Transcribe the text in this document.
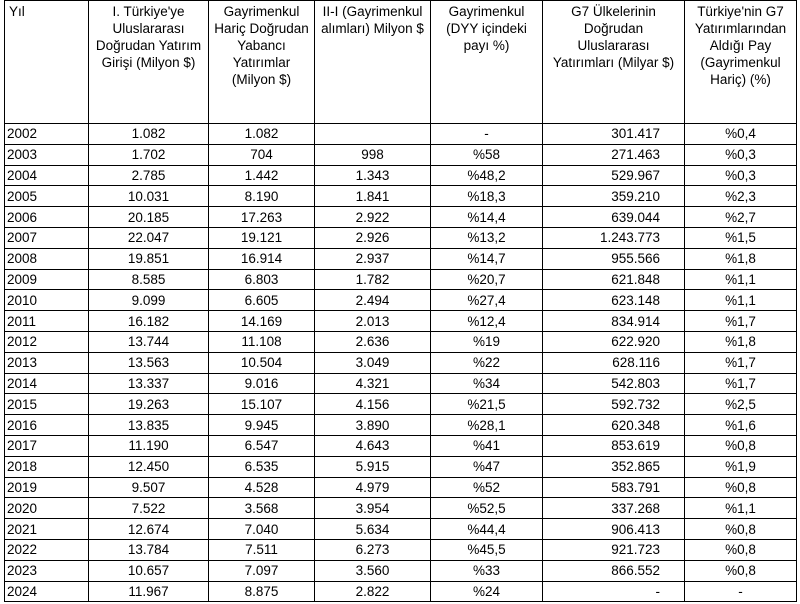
Yıl	I. Türkiye'ye Uluslararası Doğrudan Yatırım Girişi (Milyon $)	Gayrimenkul Hariç Doğrudan Yabancı Yatırımlar (Milyon $)	II-I (Gayrimenkul alımları) Milyon $	Gayrimenkul (DYY içindeki payı %)	G7 Ülkelerinin Doğrudan Uluslararası Yatırımları (Milyar $)	Türkiye'nin G7 Yatırımlarından Aldığı Pay (Gayrimenkul Hariç) (%)
2002	1.082	1.082		-	301.417	%0,4
2003	1.702	704	998	%58	271.463	%0,3
2004	2.785	1.442	1.343	%48,2	529.967	%0,3
2005	10.031	8.190	1.841	%18,3	359.210	%2,3
2006	20.185	17.263	2.922	%14,4	639.044	%2,7
2007	22.047	19.121	2.926	%13,2	1.243.773	%1,5
2008	19.851	16.914	2.937	%14,7	955.566	%1,8
2009	8.585	6.803	1.782	%20,7	621.848	%1,1
2010	9.099	6.605	2.494	%27,4	623.148	%1,1
2011	16.182	14.169	2.013	%12,4	834.914	%1,7
2012	13.744	11.108	2.636	%19	622.920	%1,8
2013	13.563	10.504	3.049	%22	628.116	%1,7
2014	13.337	9.016	4.321	%34	542.803	%1,7
2015	19.263	15.107	4.156	%21,5	592.732	%2,5
2016	13.835	9.945	3.890	%28,1	620.348	%1,6
2017	11.190	6.547	4.643	%41	853.619	%0,8
2018	12.450	6.535	5.915	%47	352.865	%1,9
2019	9.507	4.528	4.979	%52	583.791	%0,8
2020	7.522	3.568	3.954	%52,5	337.268	%1,1
2021	12.674	7.040	5.634	%44,4	906.413	%0,8
2022	13.784	7.511	6.273	%45,5	921.723	%0,8
2023	10.657	7.097	3.560	%33	866.552	%0,8
2024	11.967	8.875	2.822	%24	-	-
